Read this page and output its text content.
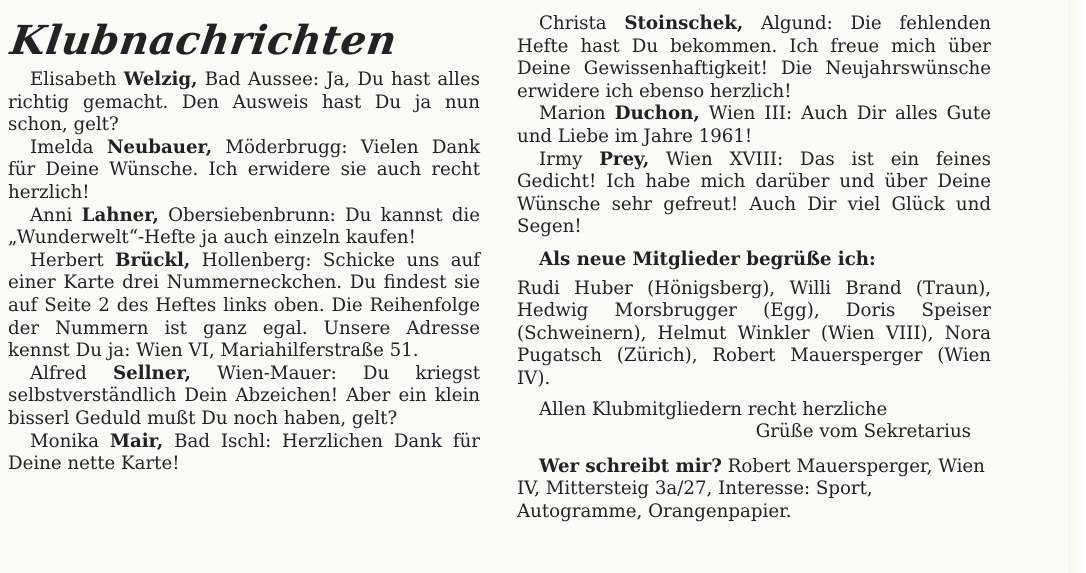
Klubnachrichten

Elisabeth Welzig, Bad Aussee: Ja, Du hast alles richtig gemacht. Den Ausweis hast Du ja nun schon, gelt?

Imelda Neubauer, Möderbrugg: Vielen Dank für Deine Wünsche. Ich erwidere sie auch recht herzlich!

Anni Lahner, Obersiebenbrunn: Du kannst die „Wunderwelt“-Hefte ja auch einzeln kaufen!

Herbert Brückl, Hollenberg: Schicke uns auf einer Karte drei Nummerneckchen. Du findest sie auf Seite 2 des Heftes links oben. Die Reihenfolge der Nummern ist ganz egal. Unsere Adresse kennst Du ja: Wien VI, Mariahilferstraße 51.

Alfred Sellner, Wien-Mauer: Du kriegst selbstverständlich Dein Abzeichen! Aber ein klein bisserl Geduld mußt Du noch haben, gelt?

Monika Mair, Bad Ischl: Herzlichen Dank für Deine nette Karte!

Christa Stoinschek, Algund: Die fehlenden Hefte hast Du bekommen. Ich freue mich über Deine Gewissenhaftigkeit! Die Neujahrswünsche erwidere ich ebenso herzlich!

Marion Duchon, Wien III: Auch Dir alles Gute und Liebe im Jahre 1961!

Irmy Prey, Wien XVIII: Das ist ein feines Gedicht! Ich habe mich darüber und über Deine Wünsche sehr gefreut! Auch Dir viel Glück und Segen!

Als neue Mitglieder begrüße ich:

Rudi Huber (Hönigsberg), Willi Brand (Traun), Hedwig Morsbrugger (Egg), Doris Speiser (Schweinern), Helmut Winkler (Wien VIII), Nora Pugatsch (Zürich), Robert Mauersperger (Wien IV).

Allen Klubmitgliedern recht herzliche

Grüße vom Sekretarius

Wer schreibt mir? Robert Mauersperger, Wien IV, Mittersteig 3a/27, Interesse: Sport, Autogramme, Orangenpapier.
